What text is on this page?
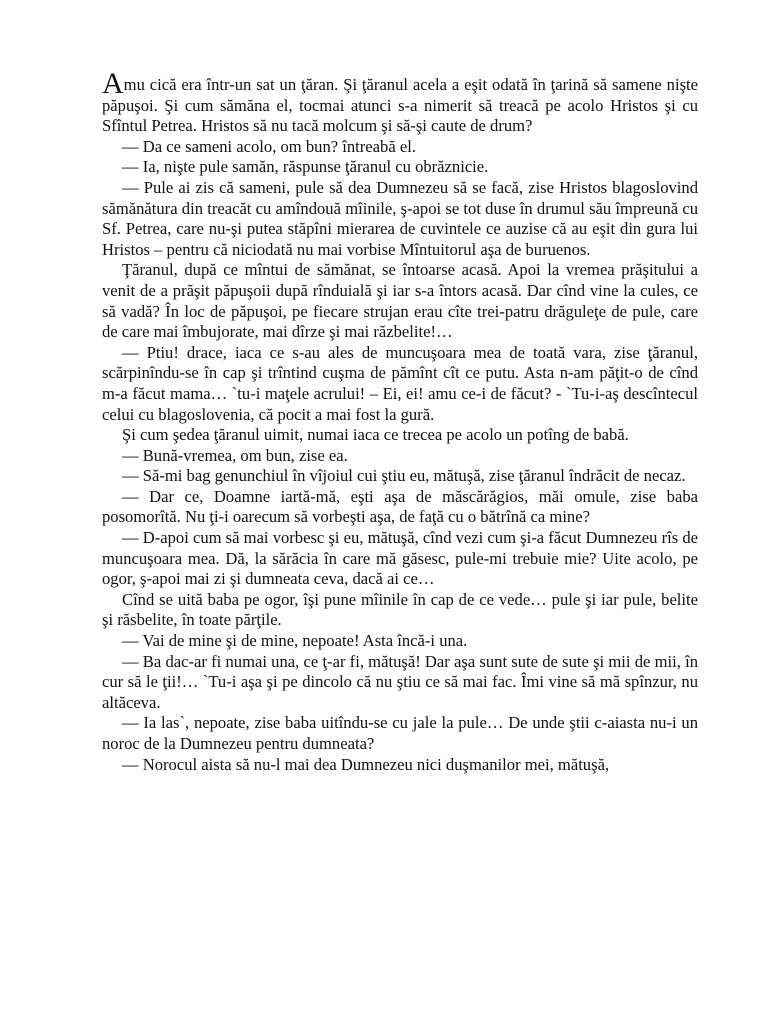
Amu cică era într-un sat un ţăran. Şi ţăranul acela a eşit odată în ţarină să samene nişte păpuşoi. Şi cum sămăna el, tocmai atunci s-a nimerit să treacă pe acolo Hristos şi cu Sfîntul Petrea. Hristos să nu tacă molcum şi să-şi caute de drum?

— Da ce sameni acolo, om bun? întreabă el.

— Ia, nişte pule samăn, răspunse ţăranul cu obrăznicie.

— Pule ai zis că sameni, pule să dea Dumnezeu să se facă, zise Hristos blagoslovind sămănătura din treacăt cu amîndouă mîinile, ş-apoi se tot duse în drumul său împreună cu Sf. Petrea, care nu-şi putea stăpîni mierarea de cuvintele ce auzise că au eşit din gura lui Hristos – pentru că niciodată nu mai vorbise Mîntuitorul aşa de buruenos.

Ţăranul, după ce mîntui de sămănat, se întoarse acasă. Apoi la vremea prăşitului a venit de a prăşit păpuşoii după rînduială şi iar s-a întors acasă. Dar cînd vine la cules, ce să vadă? În loc de păpuşoi, pe fiecare strujan erau cîte trei-patru drăguleţe de pule, care de care mai îmbujorate, mai dîrze şi mai răzbelite!…

— Ptiu! drace, iaca ce s-au ales de muncuşoara mea de toată vara, zise ţăranul, scărpinîndu-se în cap şi trîntind cuşma de pămînt cît ce putu. Asta n-am păţit-o de cînd m-a făcut mama… `tu-i maţele acrului! – Ei, ei! amu ce-i de făcut? - `Tu-i-aş descîntecul celui cu blagoslovenia, că pocit a mai fost la gură.

Şi cum şedea ţăranul uimit, numai iaca ce trecea pe acolo un potîng de babă.

— Bună-vremea, om bun, zise ea.

— Să-mi bag genunchiul în vîjoiul cui ştiu eu, mătuşă, zise ţăranul îndrăcit de necaz.

— Dar ce, Doamne iartă-mă, eşti aşa de măscărăgios, măi omule, zise baba posomorîtă. Nu ţi-i oarecum să vorbeşti aşa, de faţă cu o bătrînă ca mine?

— D-apoi cum să mai vorbesc şi eu, mătuşă, cînd vezi cum şi-a făcut Dumnezeu rîs de muncuşoara mea. Dă, la sărăcia în care mă găsesc, pule-mi trebuie mie? Uite acolo, pe ogor, ş-apoi mai zi şi dumneata ceva, dacă ai ce…

Cînd se uită baba pe ogor, îşi pune mîinile în cap de ce vede… pule şi iar pule, belite şi răsbelite, în toate părţile.

— Vai de mine şi de mine, nepoate! Asta încă-i una.

— Ba dac-ar fi numai una, ce ţ-ar fi, mătuşă! Dar aşa sunt sute de sute şi mii de mii, în cur să le ţii!… `Tu-i aşa şi pe dincolo că nu ştiu ce să mai fac. Îmi vine să mă spînzur, nu altăceva.

— Ia las`, nepoate, zise baba uitîndu-se cu jale la pule… De unde ştii c-aiasta nu-i un noroc de la Dumnezeu pentru dumneata?

— Norocul aista să nu-l mai dea Dumnezeu nici duşmanilor mei, mătuşă,
